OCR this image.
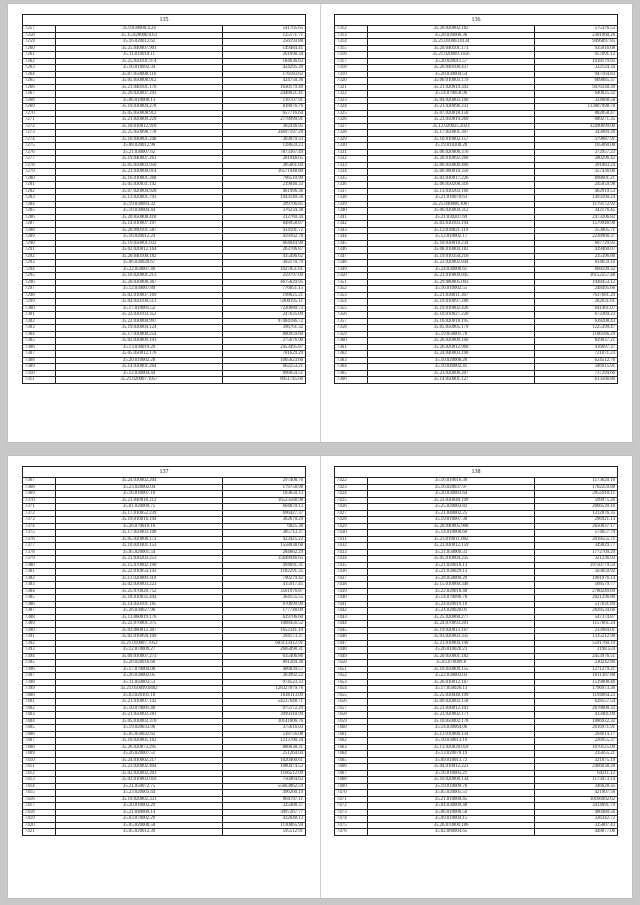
135
7257	35.9.030000.4.24	541705.65
7258	35.15.020000.0.63	125171.71
7259	35.16.020012.62	256193.88
7260	35.25.040007.901	149484.41
7261	35.11.010010.11	261698.34
7262	35.25.050101.974	184636.63
7263	35.16.010092.34	424295.39
7264	35.07.050008.116	176183.62
7265	35.05.050008.912	424750.36
7266	35.21.040101.176	1630179.49
7267	35.29.020007.293	2448621.41
7268	35.06.010000.13	116707.91
7269	35.19.030004.278	818976.76
7270	35.05.050008.912	657716.64
7271	35.21.020009.229	2778999.91
7272	35.10.010012.910	302436.95
7273	35.25.050098.778	24697197.29
7274	35.10.040001.248	303879.33
7275	35.08.020012.96	138659.23
7276	35.21.030007.62	7873367.49
7277	35.19.040007.263	281948.65
7278	35.05.050003.950	385661.04
7279	35.21.030000.014	16571948.80
7280	35.16.010001.268	796510.99
7281	35.05.030031.192	219048.33
7282	35.07.020004.928	461996.36
7283	35.13.020601.793	1943140.56
7284	35.19.030093.32	299706.85
7285	35.10.030004.44	376234.38
7286	35.20.050008.418	312769.34
7287	35.14.010007.197	848958.87
7288	35.20.090101.587	414101.72
7289	35.16.020012.24	459162.78
7290	35.19.050001.032	664044.90
7291	35.02.020012.164	263706.87
7292	35.20.040100.182	415496.62
7293	35.06.030020.67	302170.79
7294	35.22.050007.46	1027051.61
7295	35.16.020001.213	259797.09
7296	35.20.030008.367	4675629.95
7297	35.12.030007.89	776051.15
7298	35.02.010007.169	198625.21
7299	35.04.050100.513	5900195.11
7300	35.17.010001.52	7220680.73
7301	35.22.030103.352	247635.09
7302	35.22.030000.997	97484186.72
7303	35.19.030004.124	396761.32
7304	35.17.030000.254	880959.60
7305	35.02.030009.193	275676.90
7306	35.13.030019.29	2453495.87
7307	35.05.050012.176	781629.29
7308	35.20.010002.28	1005623.66
7309	35.14.030001.264	662253.21
7310	35.12.030004.44	896654.51
7311	35.21.020007.1957	8951745.66
136
7312	35.20.020002.182	575376.53
7313	35.28.030006.36	2301960.26
7314	35.21.010003.0134	9496897.85
7315	35.20.040101.173	935016.68
7316	35.21.020009.1456	957091.12
7317	35.20.020011.57	1018179.95
7318	35.20.040100.437	332124.34
7319	35.20.030004.54	947164.83
7320	35.06.010003.179	609085.37
7321	35.21.020019.343	9476330.39
7322	35.14.070058.96	640625.32
7323	35.04.020003.160	324668.58
7324	35.21.030096.231	113807998.78
7325	35.07.020018.150	882058.47
7326	35.23.050019.269	689271.35
7327	35.12.020025.2923	32490699.00
7328	35.17.050001.397	343089.39
7329	35.10.010002.157	379087.91
7330	35.19.010200.20	165060.08
7331	35.06.020006.376	372957.23
7332	35.20.010092.260	280296.42
7333	35.06.050000.466	391083.24
7334	35.06.060010.350	357436.06
7335	35.02.030017.226	898601.21
7336	35.06.050208.316	245059.98
7337	35.13.030203.166	462919.53
7338	35.21.010070.63	1493160.24
7339	35.25.040006.1067	1179172.92
7340	35.06.020004.312	342176.45
7341	35.21.030207.69	2473206.82
7342	35.03.030103.194	1579948.98
7343	35.12.030021.119	253005.71
7344	35.12.010002.17	2238966.37
7345	35.10.030010.234	607729.95
7346	35.08.010004.182	439460.07
7347	35.19.010350.216	235396.80
7348	35.22.020002.044	814659.16
7349	35.24.030006.61	668599.32
7350	35.21.010009.045	16152257.48
7351	35.29.080005.093	1948453.12
7352	35.16.010002.55	248495.66
7353	35.21.030011.367	7637681.29
7354	35.19.010097.280	282631.61
7355	35.19.010002.426	641461.07
7356	35.10.010027.220	672369.23
7357	35.16.020018.195	628208.43
7358	35.05.050005.179	1225399.47
7359	35.19.050001.78	1106186.29
7360	35.26.020009.160	829037.21
7361	35.26.020012.960	416697.37
7362	35.24.040003.190	721071.23
7363	35.10.020006.26	624512.76
7364	35.10.040002.41	346915.91
7365	35.23.020006.207	737294.66
7366	35.14.050001.127	613566.86
137
7367	35.24.030002.204	297408.76
7368	35.23.020002.04	179758.98
7369	35.16.010007.16	183650.13
7370	35.21.040016.212	16523568.98
7371	35.01.020009.75	604870.13
7372	35.17.010052.239	696427.37
7373	35.19.010016.194	362670.29
7374	35.26.070010.16	6825.30
7375	35.17.050003.108	385713.37
7376	35.05.020008.172	423425.22
7377	35.10.020401.153	1558038.68
7378	35.05.020001.54	284662.29
7379	35.21.030203.253	15648946.65
7380	35.15.070002.190	494691.31
7381	35.22.010054.143	1182291.35
7382	35.11.020009.319	790279.42
7383	35.02.030003.223	415917.45
7384	35.25.070020.752	3561976.87
7385	35.18.010035.444	364155.55
7386	35.14.050101.185	670699.99
7387	35.26.030027.96	177748.09
7388	35.13.060019.176	629706.60
7389	35.22.070001.375	1008456.52
7390	35.03.060012.307	1652341.10
7391	35.02.010094.109	294173.37
7392	35.21.010007.7052	603133412.91
7393	35.12.070009.27	2665898.31
7394	35.09.010007.273	635406.86
7395	35.26.020016.60	891204.36
7396	35.17.070004.08	406839.57
7397	35.26.030002.05	363992.22
7398	35.11.050003.53	974523.33
7399	35.21.050099.0402	128327079.76
7400	35.03.020101.10	1646113.09
7401	35.21.010007.142	54237648.71
7402	35.10.070001.40	975172.29
7403	35.21.050003.281	3999310.99
7404	35.05.010003.370	10141006.76
7405	35.19.020033.96	375616.03
7406	35.05.050032.62	518756.08
7407	35.10.020005.162	1213700.34
7408	35.26.020073.295	886638.31
7409	35.26.020007.51	251264.04
7410	35.24.010002.217	1020460.61
7411	35.23.020002.404	1080474.53
7412	35.02.020002.203	1166512.09
7413	35.02.010003.010	750464.63
7414	35.21.050072.75	55663062.59
7415	35.23.020003.44	496260.19
7416	35.19.020002.331	904797.11
7417	35.20.010003.29	325408.37
7418	35.21.040009.14	3097267.77
7419	35.03.070002.29	432648.13
7420	35.05.020008.58	1130065.94
7421	35.05.020012.39	595512.91
138
7422	35.16.010016.36	1173620.16
7423	35.16.020037.97	1702259.88
7424	35.20.030003.64	2955910.11
7425	35.23.030040.199	599975.26
7426	35.25.020003.82	2066539.16
7427	35.21.040002.25	1312076.35
7428	35.19.010007.30	296921.13
7429	35.20.040005.908	2650037.17
7430	35.14.010000.60	574657.79
7431	35.23.010011.082	2018555.71
7432	35.23.030012.159	349029.77
7433	35.21.050009.33	1772709.29
7434	35.05.010004.235	321236.93
7435	35.21.020016.13	19750779.59
7436	35.21.030029.13	563859.92
7437	35.28.050009.29	1901976.14
7438	35.15.010060.346	568579.77
7439	35.22.020018.48	2780249.69
7440	35.14.070096.78	2021296.80
7441	35.24.020019.10	517631.89
7442	35.24.020020.01	2828534.66
7443	35.25.020060.277	547374.87
7444	35.24.070093.201	1157661.24
7445	35.19.020013.167	233984.01
7446	35.03.020003.335	1315212.98
7447	35.21.010004.190	5591760.19
7448	35.26.010020.23	2198.559
7449	35.20.050001.182	2453976.51
7450	35.03.070009.8	230242.86
7451	35.10.050009.155	1271279.21
7452	35.22.030003.03	1611307.88
7453	35.26.010012.167	1519008.46
7454	35.17.050026.13	1796973.36
7455	35.25.030040.199	1194064.23
7456	35.09.020003.158	628557.54
7457	35.21.030012.101	2678000.33
7458	35.23.020002.171	433481.09
7459	35.10.050002.178	1086922.32
7460	35.14.030064.06	2016971.91
7461	35.11.010008.134	294614.17
7462	35.10.030013.19	226955.37
7463	35.13.020028.059	1070125.09
7464	35.13.020070.19	235655.21
7465	35.09.010013.72	321075.19
7466	35.04.010012.223	2466038.20
7467	35.16.010005.21	64211.12
7468	35.10.020000.134	1173473.14
7469	35.19.010009.76	346628.35
7470	35.05.020005.51	421907.56
7471	35.21.010000.45	10166902.62
7472	35.04.030009.48	3414091.79
7473	35.06.010006.50	480480.56
7474	35.09.010004.15	336342.72
7475	35.26.070000.186	325807.43
7476	35.02.080004.65	448877.06
